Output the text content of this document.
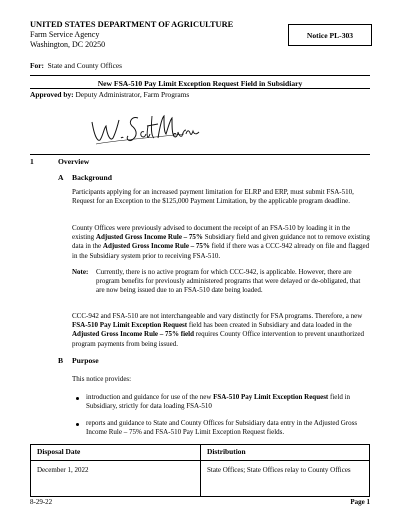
UNITED STATES DEPARTMENT OF AGRICULTURE
Farm Service Agency
Washington, DC 20250
Notice PL-303
For: State and County Offices
New FSA-510 Pay Limit Exception Request Field in Subsidiary
Approved by: Deputy Administrator, Farm Programs
1	Overview
A Background
Participants applying for an increased payment limitation for ELRP and ERP, must submit FSA-510, Request for an Exception to the $125,000 Payment Limitation, by the applicable program deadline.
County Offices were previously advised to document the receipt of an FSA-510 by loading it in the existing Adjusted Gross Income Rule – 75% Subsidiary field and given guidance not to remove existing data in the Adjusted Gross Income Rule – 75% field if there was a CCC-942 already on file and flagged in the Subsidiary system prior to receiving FSA-510.
Note: Currently, there is no active program for which CCC-942, is applicable. However, there are program benefits for previously administered programs that were delayed or de-obligated, that are now being issued due to an FSA-510 date being loaded.
CCC-942 and FSA-510 are not interchangeable and vary distinctly for FSA programs. Therefore, a new FSA-510 Pay Limit Exception Request field has been created in Subsidiary and data loaded in the Adjusted Gross Income Rule – 75% field requires County Office intervention to prevent unauthorized program payments from being issued.
B Purpose
This notice provides:
introduction and guidance for use of the new FSA-510 Pay Limit Exception Request field in Subsidiary, strictly for data loading FSA-510
reports and guidance to State and County Offices for Subsidiary data entry in the Adjusted Gross Income Rule – 75% and FSA-510 Pay Limit Exception Request fields.
Disposal Date	Distribution
December 1, 2022	State Offices; State Offices relay to County Offices
8-29-22	Page 1
